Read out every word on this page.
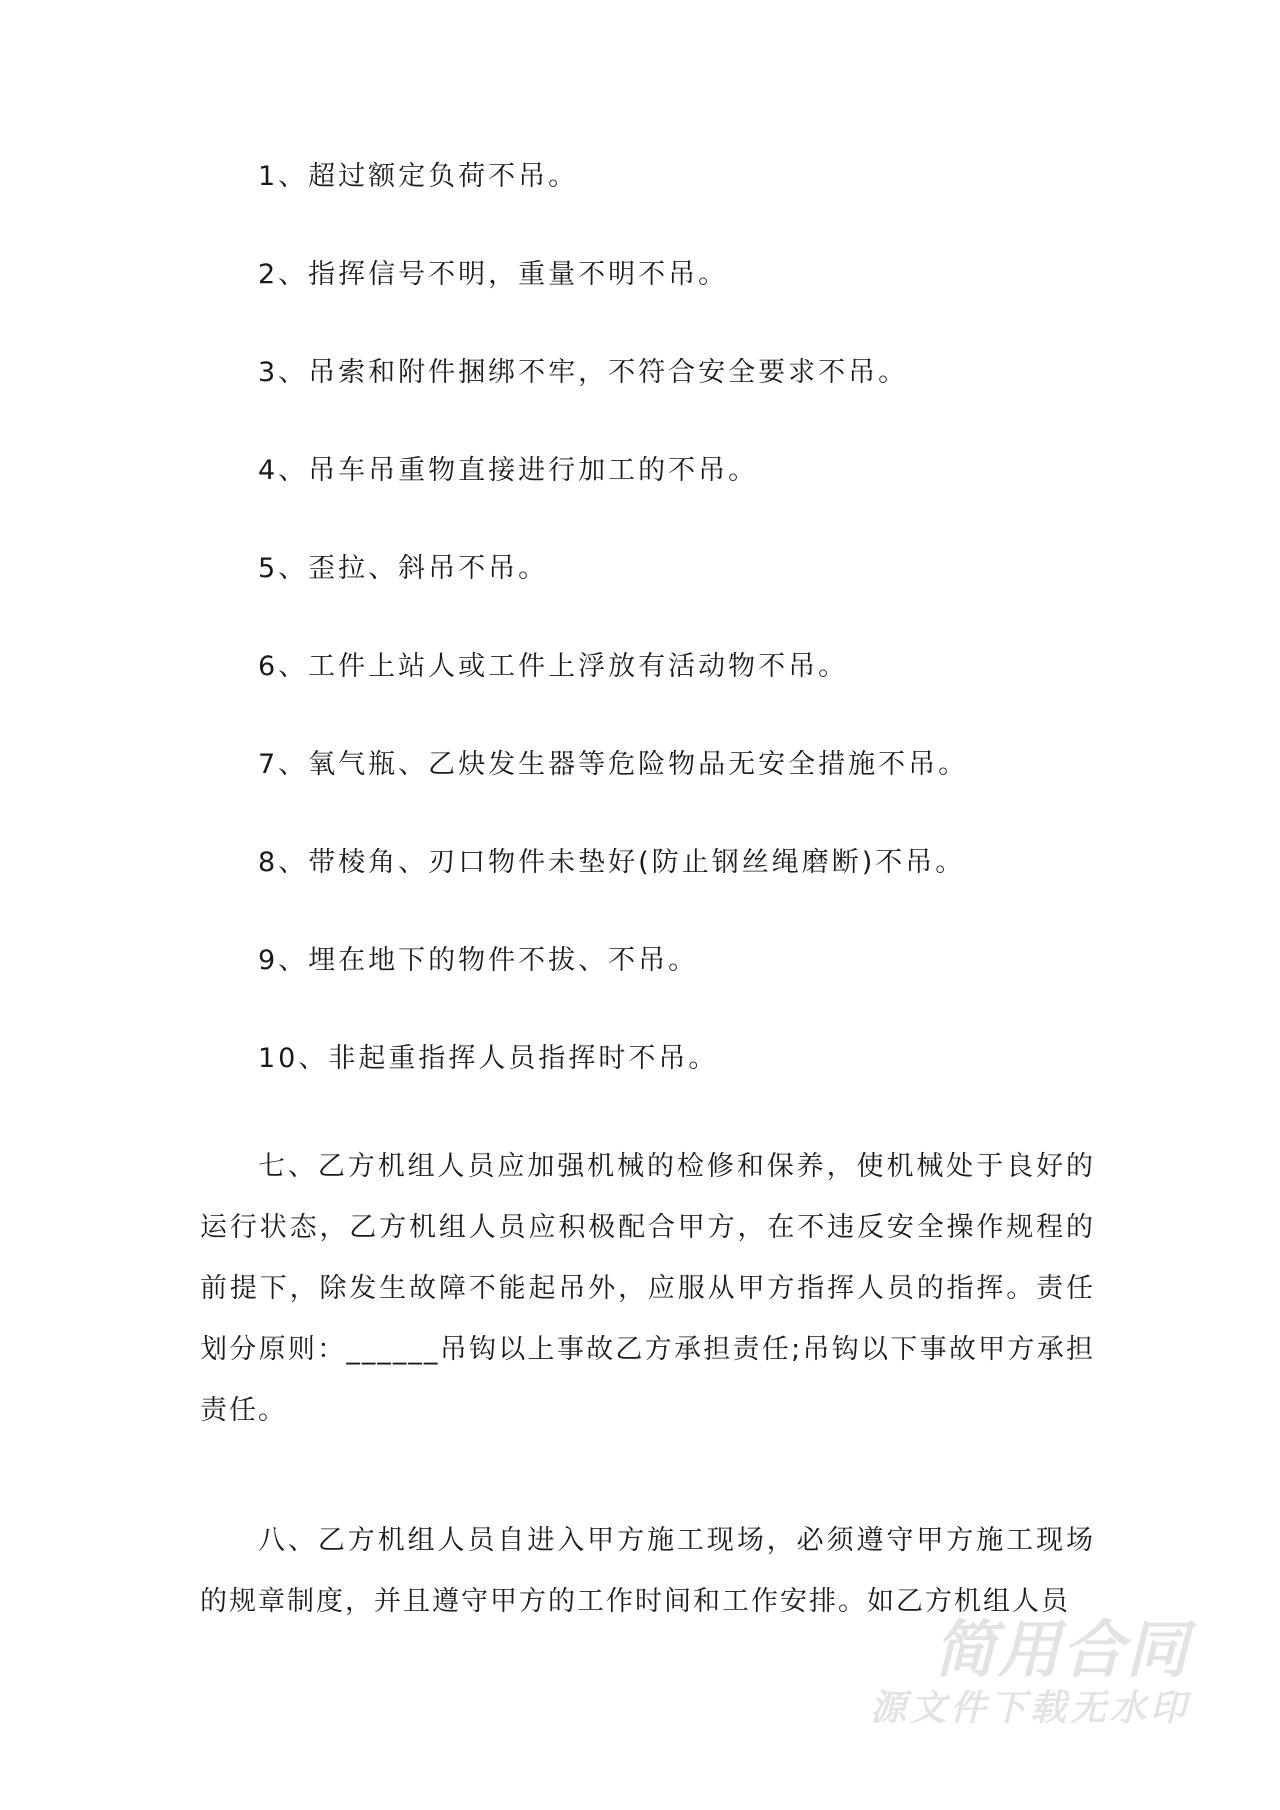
1、超过额定负荷不吊。
2、指挥信号不明，重量不明不吊。
3、吊索和附件捆绑不牢，不符合安全要求不吊。
4、吊车吊重物直接进行加工的不吊。
5、歪拉、斜吊不吊。
6、工件上站人或工件上浮放有活动物不吊。
7、氧气瓶、乙炔发生器等危险物品无安全措施不吊。
8、带棱角、刃口物件未垫好(防止钢丝绳磨断)不吊。
9、埋在地下的物件不拔、不吊。
10、非起重指挥人员指挥时不吊。
七、乙方机组人员应加强机械的检修和保养，使机械处于良好的运行状态，乙方机组人员应积极配合甲方，在不违反安全操作规程的前提下，除发生故障不能起吊外，应服从甲方指挥人员的指挥。责任划分原则：______吊钩以上事故乙方承担责任;吊钩以下事故甲方承担责任。
八、乙方机组人员自进入甲方施工现场，必须遵守甲方施工现场的规章制度，并且遵守甲方的工作时间和工作安排。如乙方机组人员
简用合同
源文件下载无水印
